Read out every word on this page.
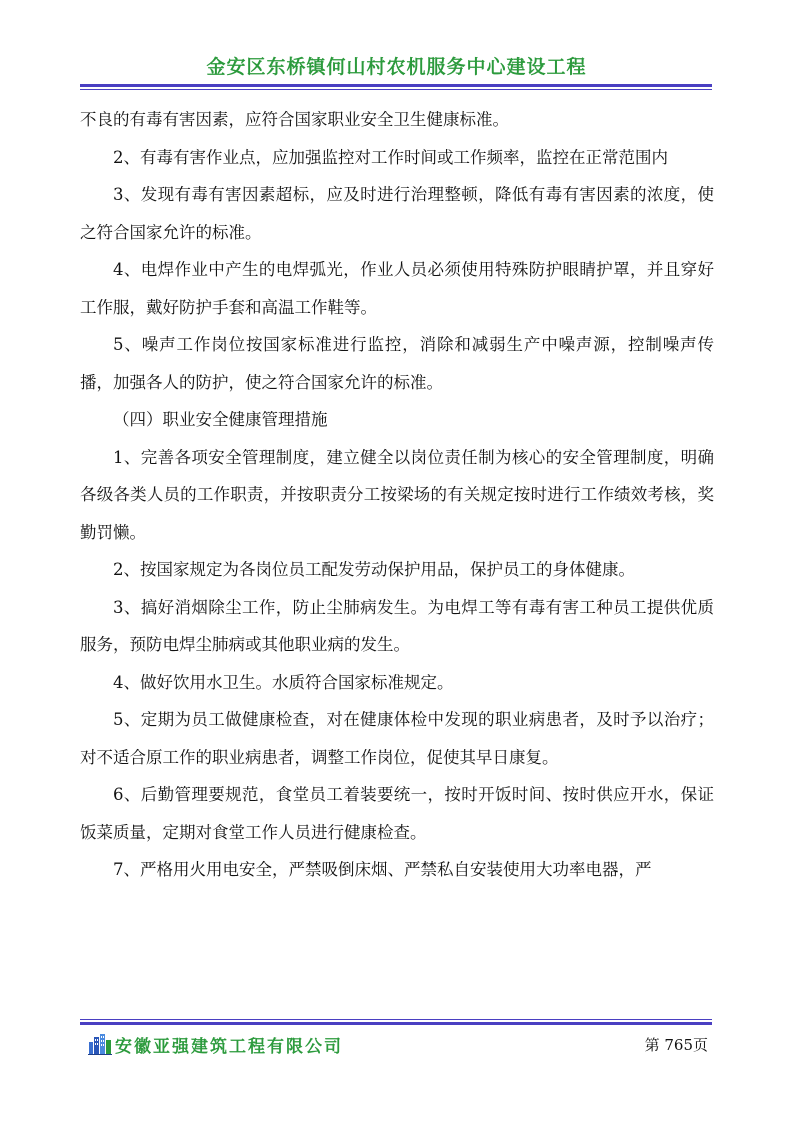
金安区东桥镇何山村农机服务中心建设工程

不良的有毒有害因素，应符合国家职业安全卫生健康标准。

2、有毒有害作业点，应加强监控对工作时间或工作频率，监控在正常范围内

3、发现有毒有害因素超标，应及时进行治理整顿，降低有毒有害因素的浓度，使之符合国家允许的标准。

4、电焊作业中产生的电焊弧光，作业人员必须使用特殊防护眼睛护罩，并且穿好工作服，戴好防护手套和高温工作鞋等。

5、噪声工作岗位按国家标准进行监控，消除和减弱生产中噪声源，控制噪声传播，加强各人的防护，使之符合国家允许的标准。

（四）职业安全健康管理措施

1、完善各项安全管理制度，建立健全以岗位责任制为核心的安全管理制度，明确各级各类人员的工作职责，并按职责分工按梁场的有关规定按时进行工作绩效考核，奖勤罚懒。

2、按国家规定为各岗位员工配发劳动保护用品，保护员工的身体健康。

3、搞好消烟除尘工作，防止尘肺病发生。为电焊工等有毒有害工种员工提供优质服务，预防电焊尘肺病或其他职业病的发生。

4、做好饮用水卫生。水质符合国家标准规定。

5、定期为员工做健康检查，对在健康体检中发现的职业病患者，及时予以治疗；对不适合原工作的职业病患者，调整工作岗位，促使其早日康复。

6、后勤管理要规范，食堂员工着装要统一，按时开饭时间、按时供应开水，保证饭菜质量，定期对食堂工作人员进行健康检查。

7、严格用火用电安全，严禁吸倒床烟、严禁私自安装使用大功率电器，严

安徽亚强建筑工程有限公司	第 765页
